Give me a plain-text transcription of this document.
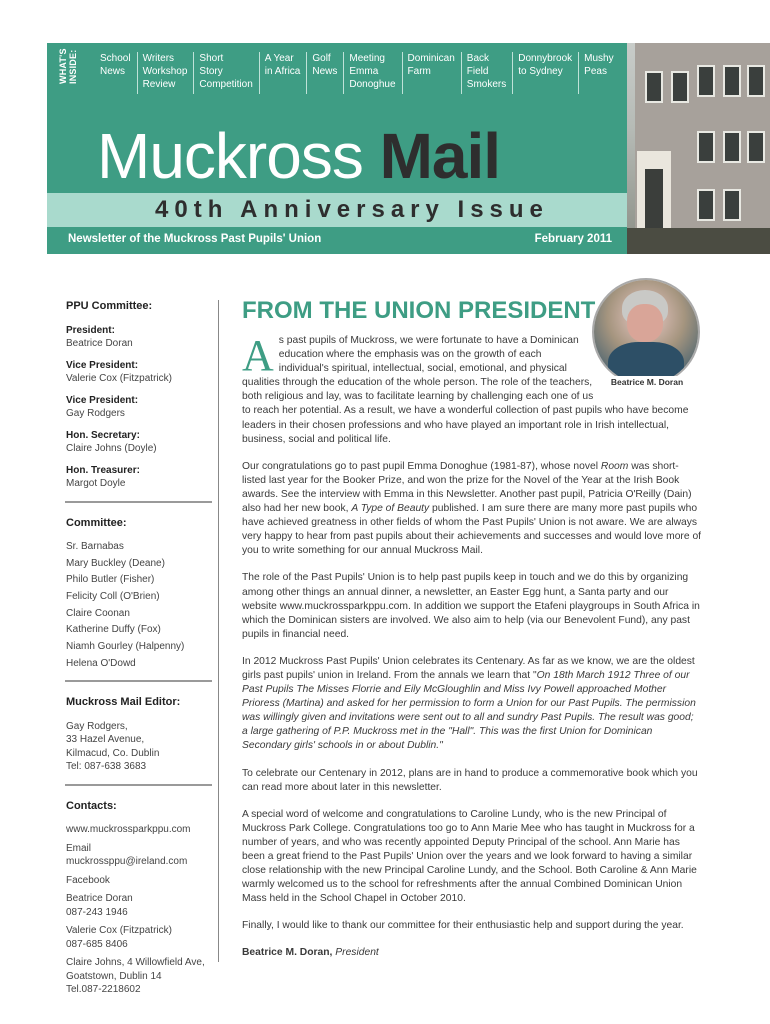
WHAT'S
INSIDE: School
News
Writers
Workshop
Review
Short
Story
Competition
A Year
in Africa
Golf
News
Meeting
Emma
Donoghue
Dominican
Farm
Back
Field
Smokers
Donnybrook
to Sydney
Mushy
Peas
Muckross Mail
40th Anniversary Issue
Newsletter of the Muckross Past Pupils' Union	February 2011
PPU Committee:

President:

Beatrice Doran

Vice President:

Valerie Cox (Fitzpatrick)

Vice President:

Gay Rodgers

Hon. Secretary:

Claire Johns (Doyle)

Hon. Treasurer:

Margot Doyle

Committee:

Sr. Barnabas

Mary Buckley (Deane)

Philo Butler (Fisher)

Felicity Coll (O'Brien)

Claire Coonan

Katherine Duffy (Fox)

Niamh Gourley (Halpenny)

Helena O'Dowd

Muckross Mail Editor:

Gay Rodgers,

33 Hazel Avenue,

Kilmacud, Co. Dublin

Tel: 087-638 3683

Contacts:

www.muckrossparkppu.com

Email muckrossppu@ireland.com

Facebook

Beatrice Doran

087-243 1946

Valerie Cox (Fitzpatrick)

087-685 8406

Claire Johns, 4 Willowfield Ave,

Goatstown, Dublin 14

Tel.087-2218602

Beatrice M. Doran
FROM THE UNION PRESIDENT

A s past pupils of Muckross, we were fortunate to have a Dominican education where the emphasis was on the growth of each individual's spiritual, intellectual, social, emotional, and physical qualities through the education of the whole person. The role of the teachers, both religious and lay, was to facilitate learning by challenging each one of us to reach her potential. As a result, we have a wonderful collection of past pupils who have become leaders in their chosen professions and who have played an important role in Irish intellectual, business, social and political life.

Our congratulations go to past pupil Emma Donoghue (1981-87), whose novel Room was short-listed last year for the Booker Prize, and won the prize for the Novel of the Year at the Irish Book awards. See the interview with Emma in this Newsletter. Another past pupil, Patricia O'Reilly (Dain) also had her new book, A Type of Beauty published. I am sure there are many more past pupils who have achieved greatness in other fields of whom the Past Pupils' Union is not aware. We are always very happy to hear from past pupils about their achievements and successes and would love more of you to write something for our annual Muckross Mail.

The role of the Past Pupils' Union is to help past pupils keep in touch and we do this by organizing among other things an annual dinner, a newsletter, an Easter Egg hunt, a Santa party and our website www.muckrossparkppu.com. In addition we support the Etafeni playgroups in South Africa in which the Dominican sisters are involved. We also aim to help (via our Benevolent Fund), any past pupils in financial need.

In 2012 Muckross Past Pupils' Union celebrates its Centenary. As far as we know, we are the oldest girls past pupils' union in Ireland. From the annals we learn that "On 18th March 1912 Three of our Past Pupils The Misses Florrie and Eily McGloughlin and Miss Ivy Powell approached Mother Prioress (Martina) and asked for her permission to form a Union for our Past Pupils. The permission was willingly given and invitations were sent out to all and sundry Past Pupils. The result was good; a large gathering of P.P. Muckross met in the "Hall". This was the first Union for Dominican Secondary girls' schools in or about Dublin."

To celebrate our Centenary in 2012, plans are in hand to produce a commemorative book which you can read more about later in this newsletter.

A special word of welcome and congratulations to Caroline Lundy, who is the new Principal of Muckross Park College. Congratulations too go to Ann Marie Mee who has taught in Muckross for a number of years, and who was recently appointed Deputy Principal of the school. Ann Marie has been a great friend to the Past Pupils' Union over the years and we look forward to having a similar close relationship with the new Principal Caroline Lundy, and the School. Both Caroline & Ann Marie warmly welcomed us to the school for refreshments after the annual Combined Dominican Union Mass held in the School Chapel in October 2010.

Finally, I would like to thank our committee for their enthusiastic help and support during the year.

Beatrice M. Doran, President
